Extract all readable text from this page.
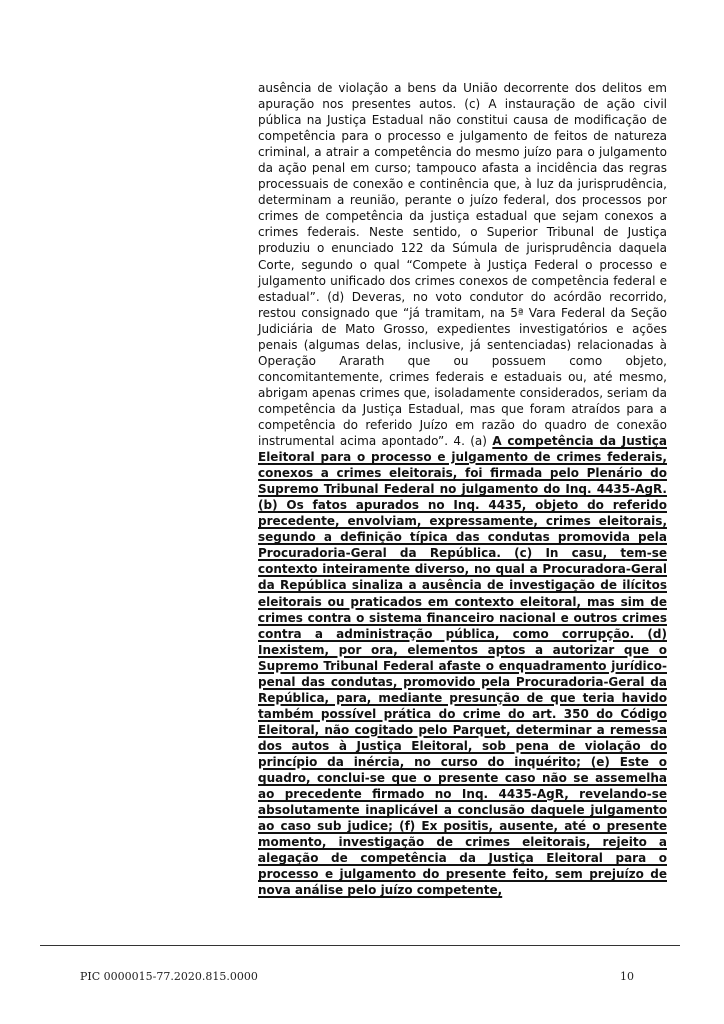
ausência de violação a bens da União decorrente dos delitos em apuração nos presentes autos. (c) A instauração de ação civil pública na Justiça Estadual não constitui causa de modificação de competência para o processo e julgamento de feitos de natureza criminal, a atrair a competência do mesmo juízo para o julgamento da ação penal em curso; tampouco afasta a incidência das regras processuais de conexão e continência que, à luz da jurisprudência, determinam a reunião, perante o juízo federal, dos processos por crimes de competência da justiça estadual que sejam conexos a crimes federais. Neste sentido, o Superior Tribunal de Justiça produziu o enunciado 122 da Súmula de jurisprudência daquela Corte, segundo o qual “Compete à Justiça Federal o processo e julgamento unificado dos crimes conexos de competência federal e estadual”. (d) Deveras, no voto condutor do acórdão recorrido, restou consignado que “já tramitam, na 5ª Vara Federal da Seção Judiciária de Mato Grosso, expedientes investigatórios e ações penais (algumas delas, inclusive, já sentenciadas) relacionadas à Operação Ararath que ou possuem como objeto, concomitantemente, crimes federais e estaduais ou, até mesmo, abrigam apenas crimes que, isoladamente considerados, seriam da competência da Justiça Estadual, mas que foram atraídos para a competência do referido Juízo em razão do quadro de conexão instrumental acima apontado”. 4. (a) A competência da Justiça Eleitoral para o processo e julgamento de crimes federais, conexos a crimes eleitorais, foi firmada pelo Plenário do Supremo Tribunal Federal no julgamento do Inq. 4435-AgR. (b) Os fatos apurados no Inq. 4435, objeto do referido precedente, envolviam, expressamente, crimes eleitorais, segundo a definição típica das condutas promovida pela Procuradoria-Geral da República. (c) In casu, tem-se contexto inteiramente diverso, no qual a Procuradora-Geral da República sinaliza a ausência de investigação de ilícitos eleitorais ou praticados em contexto eleitoral, mas sim de crimes contra o sistema financeiro nacional e outros crimes contra a administração pública, como corrupção. (d) Inexistem, por ora, elementos aptos a autorizar que o Supremo Tribunal Federal afaste o enquadramento jurídico-penal das condutas, promovido pela Procuradoria-Geral da República, para, mediante presunção de que teria havido também possível prática do crime do art. 350 do Código Eleitoral, não cogitado pelo Parquet, determinar a remessa dos autos à Justiça Eleitoral, sob pena de violação do princípio da inércia, no curso do inquérito; (e) Este o quadro, conclui-se que o presente caso não se assemelha ao precedente firmado no Inq. 4435-AgR, revelando-se absolutamente inaplicável a conclusão daquele julgamento ao caso sub judice; (f) Ex positis, ausente, até o presente momento, investigação de crimes eleitorais, rejeito a alegação de competência da Justiça Eleitoral para o processo e julgamento do presente feito, sem prejuízo de nova análise pelo juízo competente,

PIC 0000015-77.2020.815.0000	10
